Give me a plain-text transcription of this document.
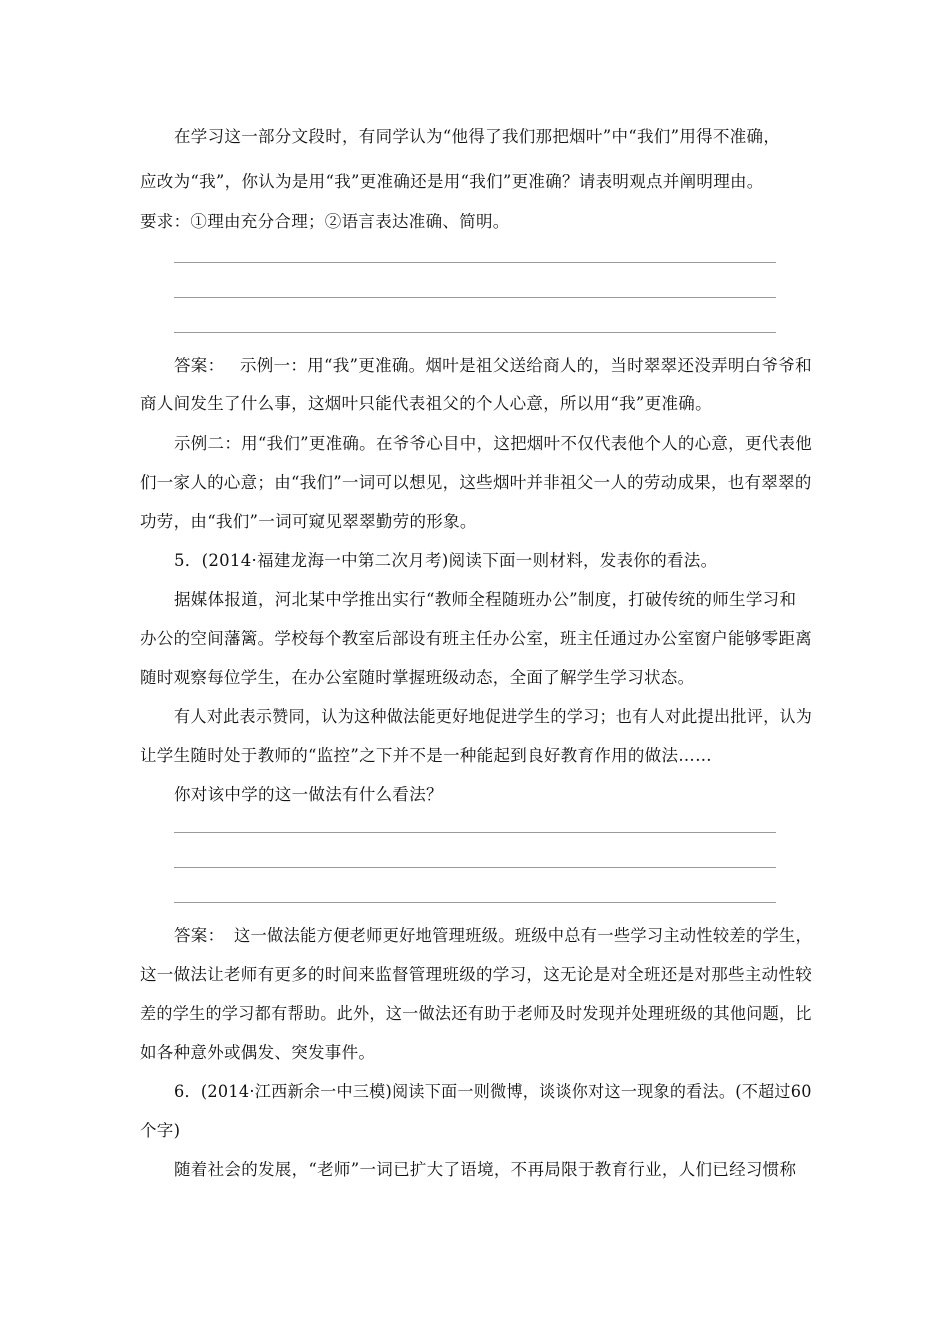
在学习这一部分文段时，有同学认为“他得了我们那把烟叶”中“我们”用得不准确，
应改为“我”，你认为是用“我”更准确还是用“我们”更准确？请表明观点并阐明理由。
要求：①理由充分合理；②语言表达准确、简明。
答案： 示例一：用“我”更准确。烟叶是祖父送给商人的，当时翠翠还没弄明白爷爷和
商人间发生了什么事，这烟叶只能代表祖父的个人心意，所以用“我”更准确。
示例二：用“我们”更准确。在爷爷心目中，这把烟叶不仅代表他个人的心意，更代表他
们一家人的心意；由“我们”一词可以想见，这些烟叶并非祖父一人的劳动成果，也有翠翠的
功劳，由“我们”一词可窥见翠翠勤劳的形象。
5．(2014·福建龙海一中第二次月考)阅读下面一则材料，发表你的看法。
据媒体报道，河北某中学推出实行“教师全程随班办公”制度，打破传统的师生学习和
办公的空间藩篱。学校每个教室后部设有班主任办公室，班主任通过办公室窗户能够零距离
随时观察每位学生，在办公室随时掌握班级动态，全面了解学生学习状态。
有人对此表示赞同，认为这种做法能更好地促进学生的学习；也有人对此提出批评，认为
让学生随时处于教师的“监控”之下并不是一种能起到良好教育作用的做法……
你对该中学的这一做法有什么看法？
答案： 这一做法能方便老师更好地管理班级。班级中总有一些学习主动性较差的学生，
这一做法让老师有更多的时间来监督管理班级的学习，这无论是对全班还是对那些主动性较
差的学生的学习都有帮助。此外，这一做法还有助于老师及时发现并处理班级的其他问题，比
如各种意外或偶发、突发事件。
6．(2014·江西新余一中三模)阅读下面一则微博，谈谈你对这一现象的看法。(不超过60
个字)
随着社会的发展，“老师”一词已扩大了语境，不再局限于教育行业，人们已经习惯称
